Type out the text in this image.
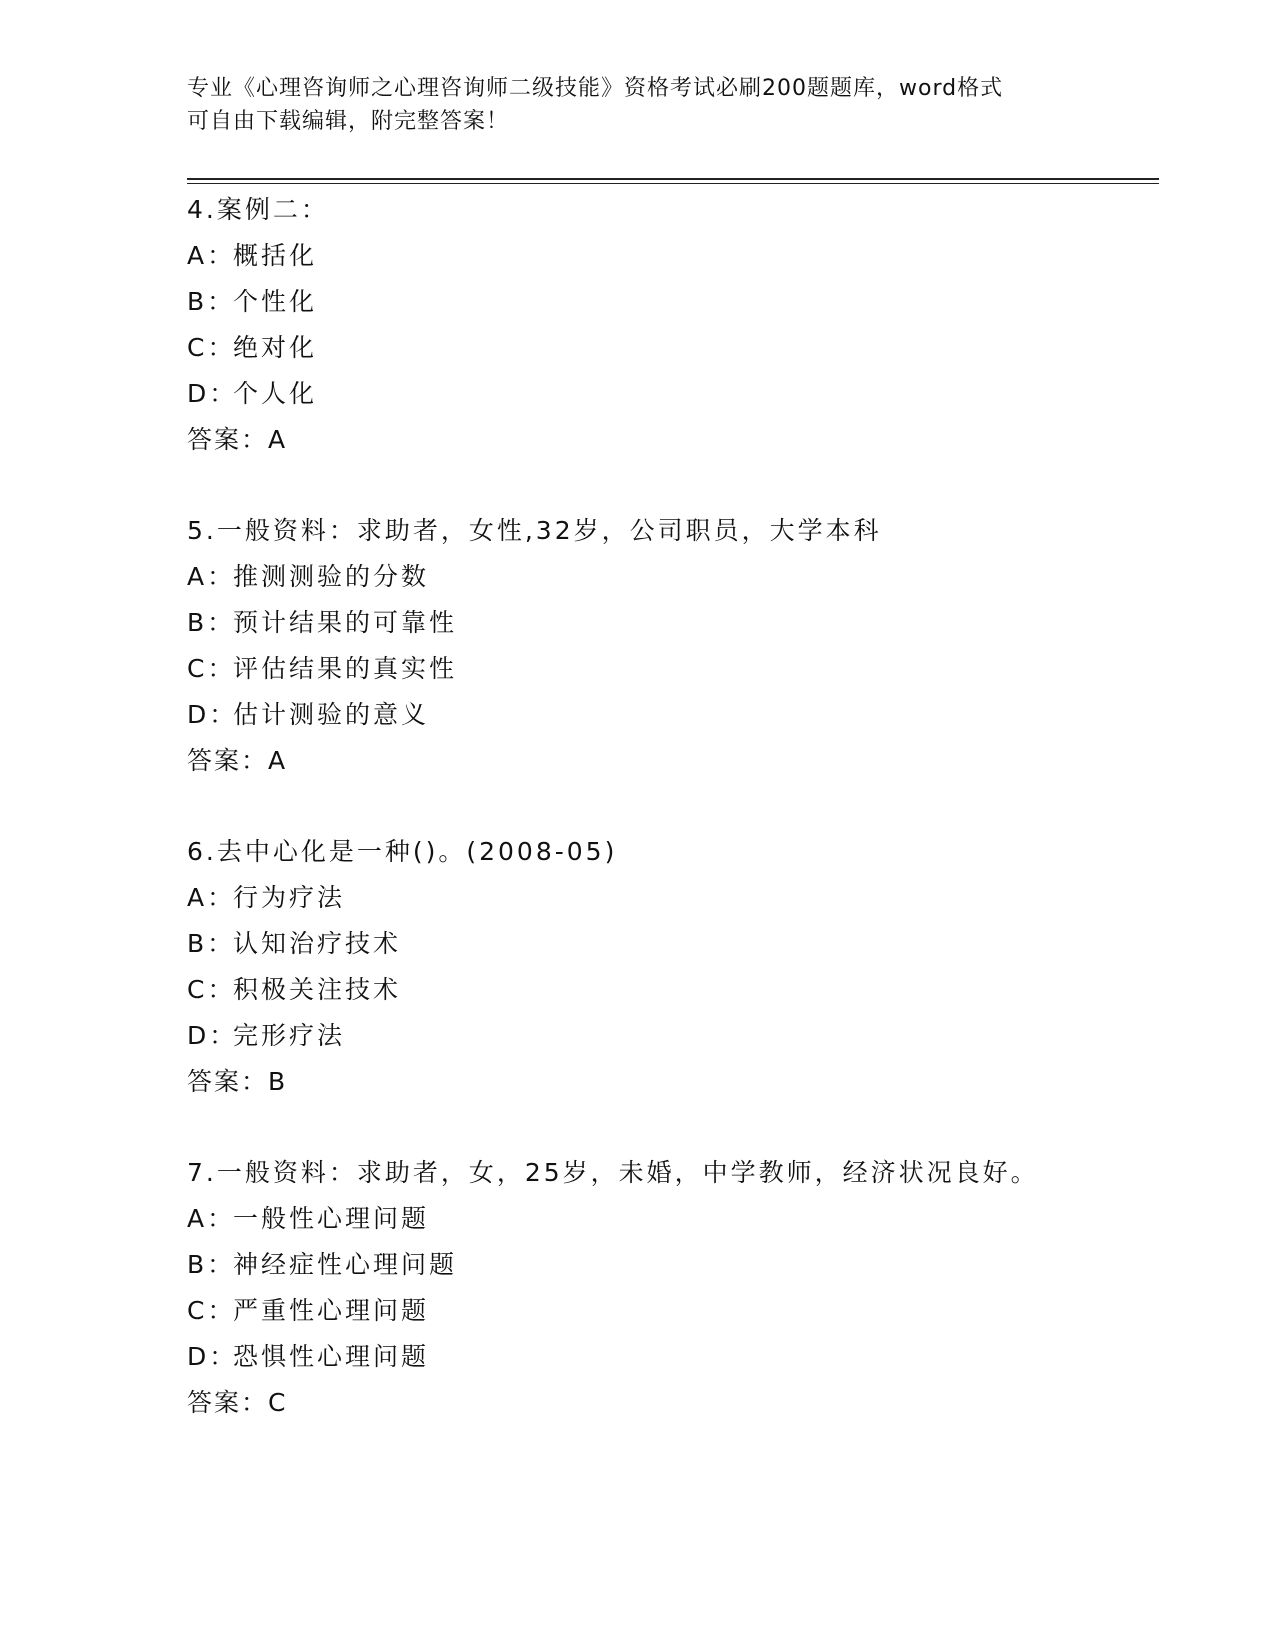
专业《心理咨询师之心理咨询师二级技能》资格考试必刷200题题库，word格式
可自由下载编辑，附完整答案！
4.案例二：
A：概括化
B：个性化
C：绝对化
D：个人化
答案：A
5.一般资料：求助者，女性,32岁，公司职员，大学本科
A：推测测验的分数
B：预计结果的可靠性
C：评估结果的真实性
D：估计测验的意义
答案：A
6.去中心化是一种()。(2008-05)
A：行为疗法
B：认知治疗技术
C：积极关注技术
D：完形疗法
答案：B
7.一般资料：求助者，女，25岁，未婚，中学教师，经济状况良好。
A：一般性心理问题
B：神经症性心理问题
C：严重性心理问题
D：恐惧性心理问题
答案：C
